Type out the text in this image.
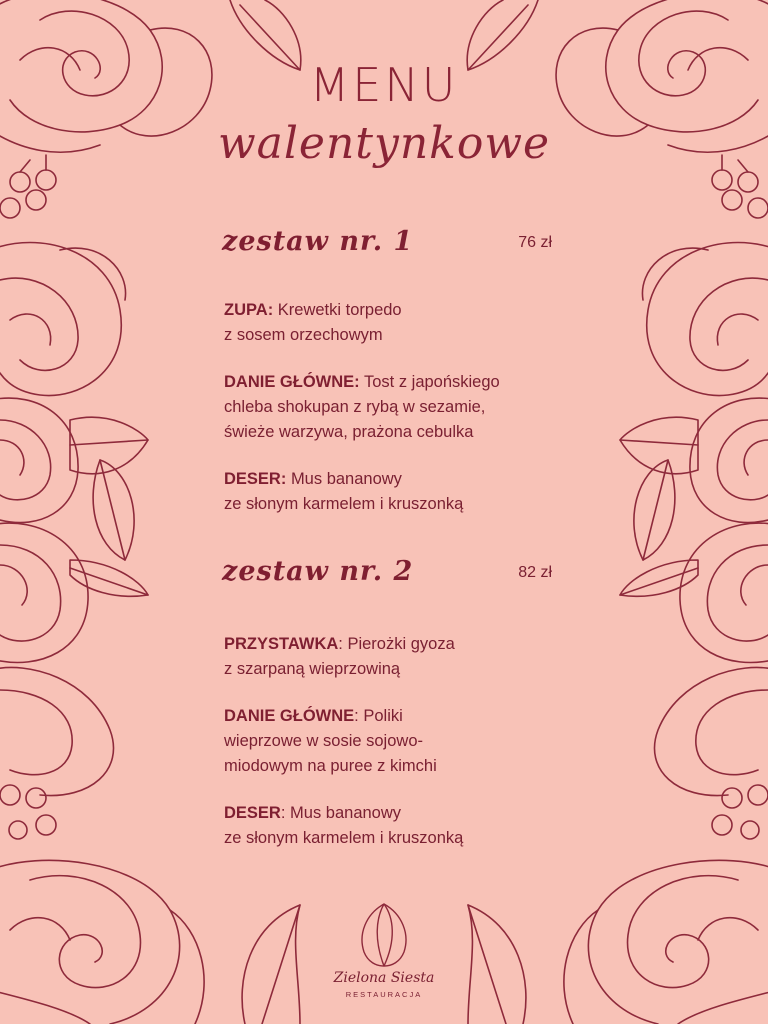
MENU
walentynkowe
zestaw nr. 1	76 zł
ZUPA: Krewetki torpedo
z sosem orzechowym
DANIE GŁÓWNE: Tost z japońskiego
chleba shokupan z rybą w sezamie,
świeże warzywa, prażona cebulka
DESER: Mus bananowy
ze słonym karmelem i kruszonką
zestaw nr. 2	82 zł
PRZYSTAWKA: Pierożki gyoza
z szarpaną wieprzowiną
DANIE GŁÓWNE: Poliki
wieprzowe w sosie sojowo-
miodowym na puree z kimchi
DESER: Mus bananowy
ze słonym karmelem i kruszonką
Zielona Siesta
RESTAURACJA
